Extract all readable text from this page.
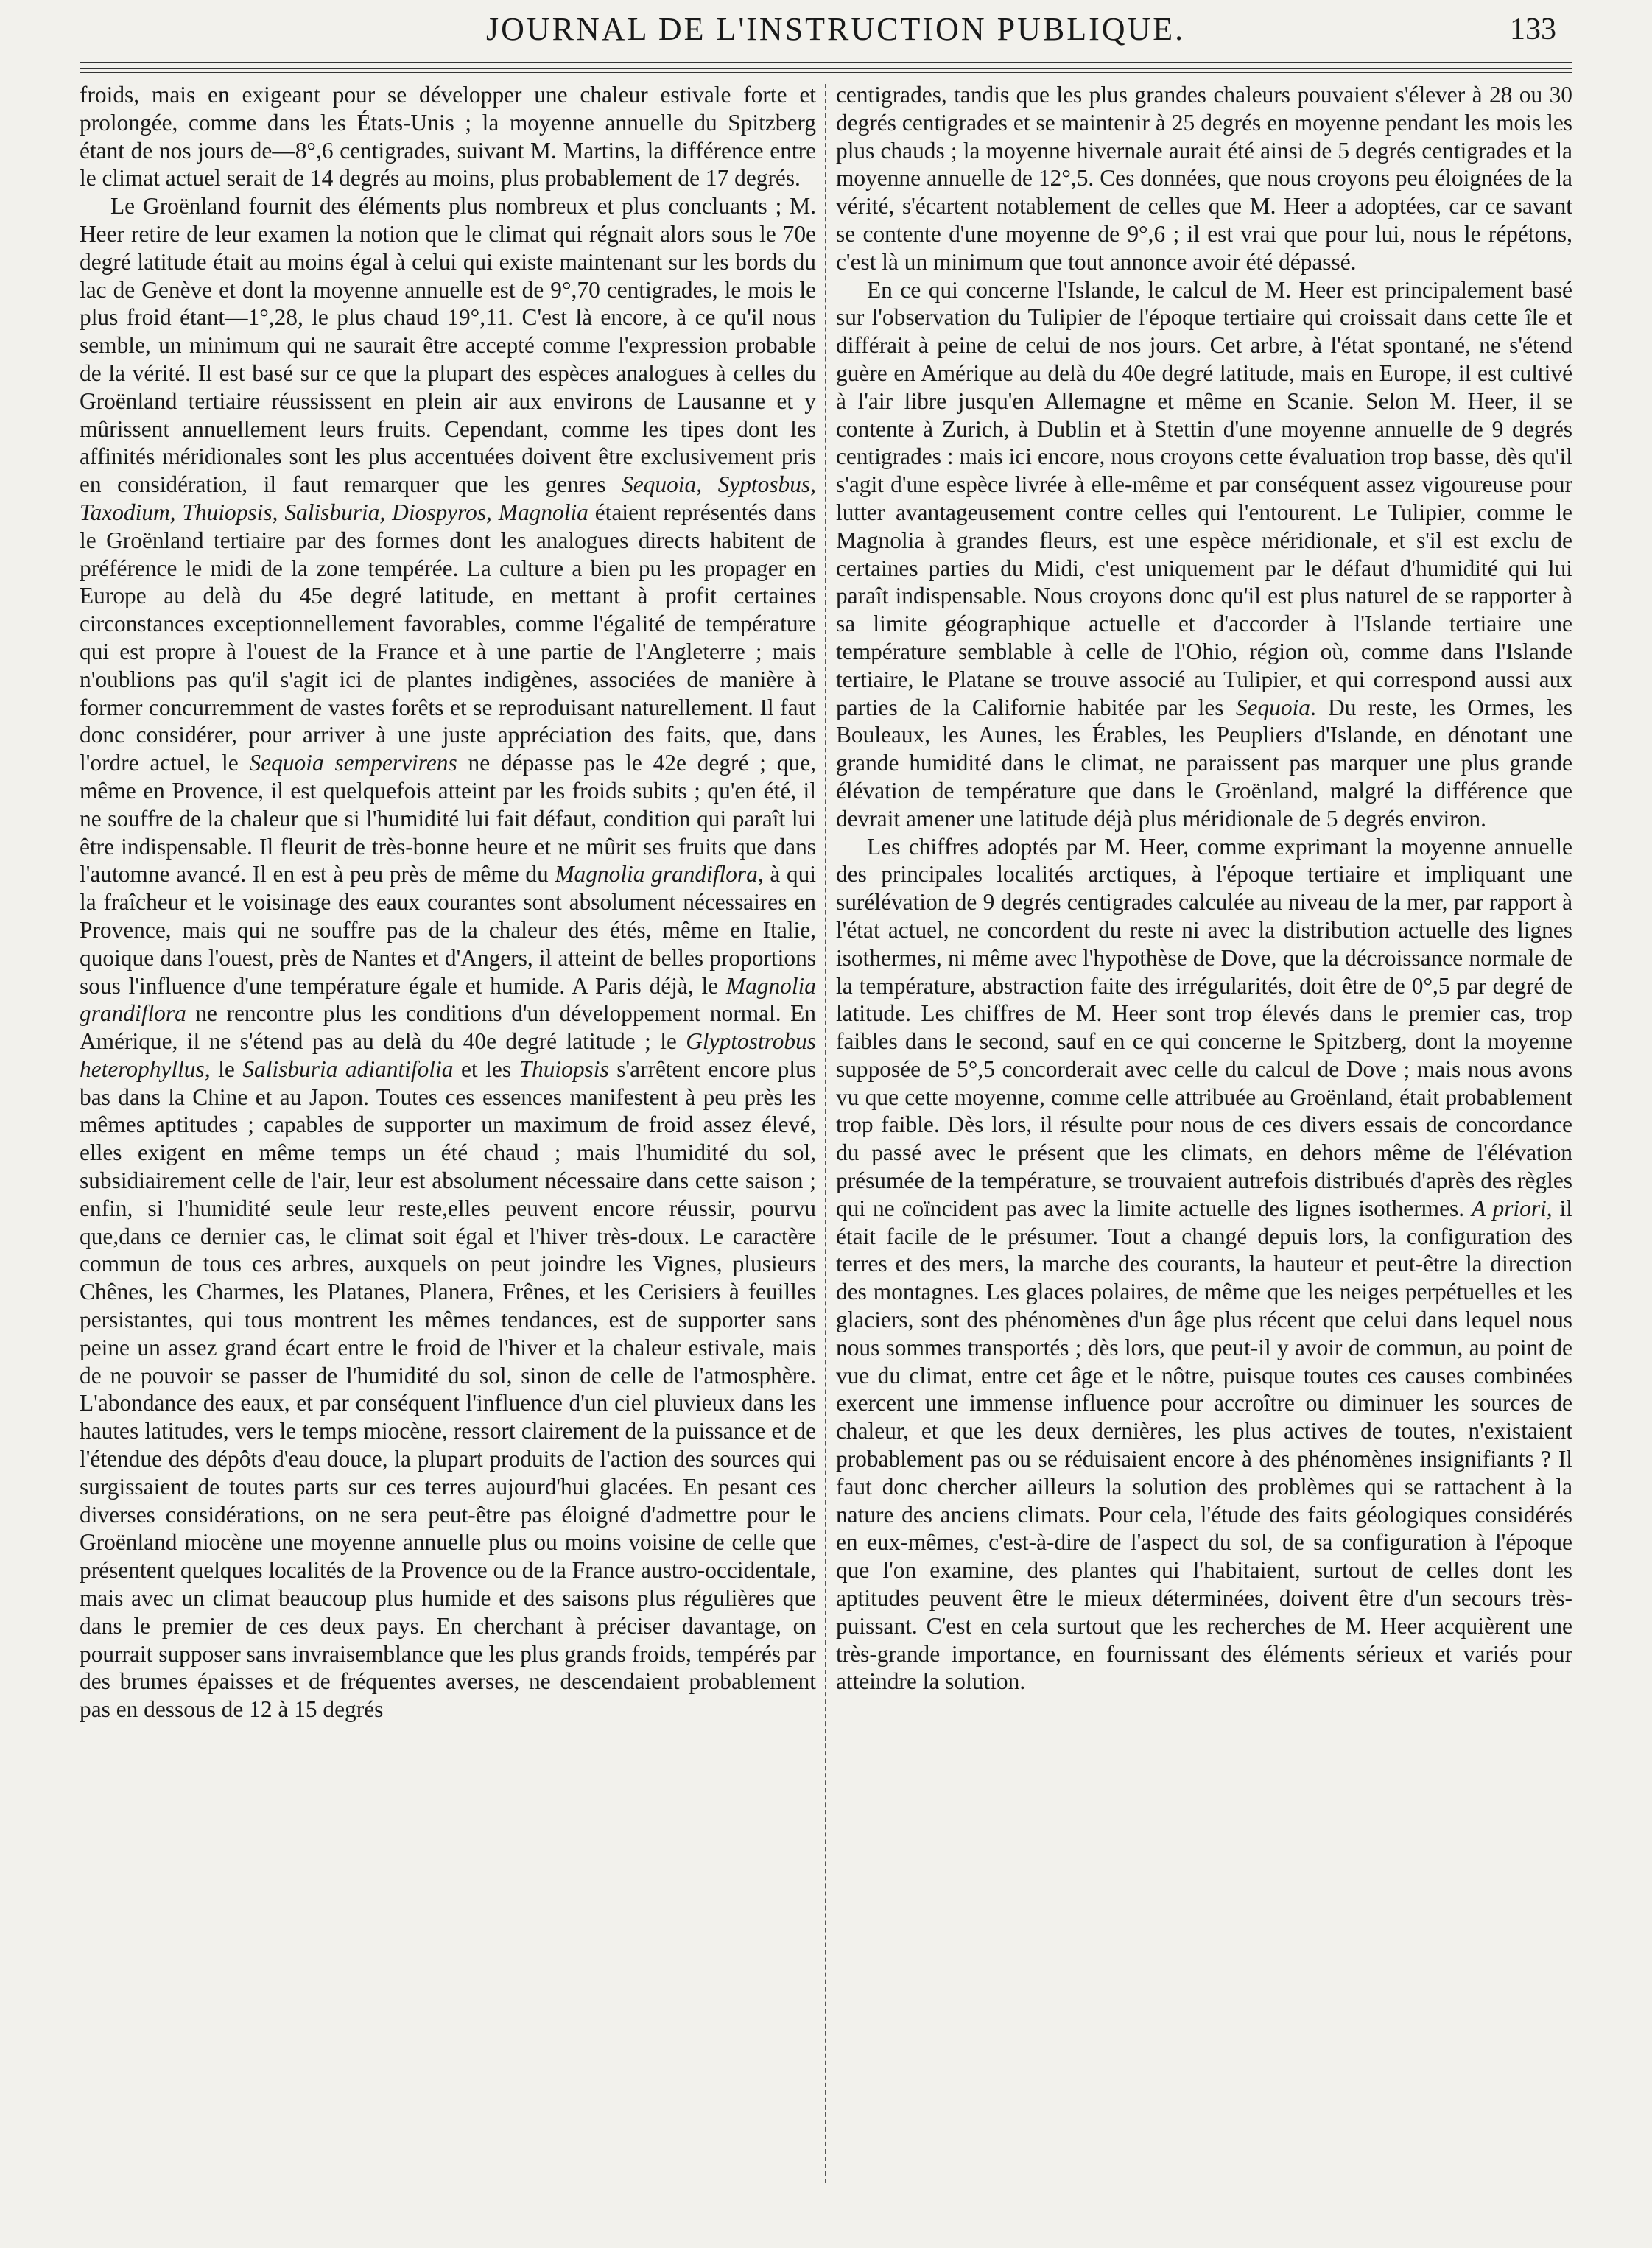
JOURNAL DE L'INSTRUCTION PUBLIQUE.	133

froids, mais en exigeant pour se développer une chaleur estivale forte et prolongée, comme dans les États-Unis ; la moyenne annuelle du Spitzberg étant de nos jours de—8°,6 centigrades, suivant M. Martins, la différence entre le climat actuel serait de 14 degrés au moins, plus probablement de 17 degrés.

Le Groënland fournit des éléments plus nombreux et plus concluants ; M. Heer retire de leur examen la notion que le climat qui régnait alors sous le 70e degré latitude était au moins égal à celui qui existe maintenant sur les bords du lac de Genève et dont la moyenne annuelle est de 9°,70 centigrades, le mois le plus froid étant—1°,28, le plus chaud 19°,11. C'est là encore, à ce qu'il nous semble, un minimum qui ne saurait être accepté comme l'expression probable de la vérité. Il est basé sur ce que la plupart des espèces analogues à celles du Groënland tertiaire réussissent en plein air aux environs de Lausanne et y mûrissent annuellement leurs fruits. Cependant, comme les tipes dont les affinités méridionales sont les plus accentuées doivent être exclusivement pris en considération, il faut remarquer que les genres Sequoia, Syptosbus, Taxodium, Thuiopsis, Salisburia, Diospyros, Magnolia étaient représentés dans le Groënland tertiaire par des formes dont les analogues directs habitent de préférence le midi de la zone tempérée. La culture a bien pu les propager en Europe au delà du 45e degré latitude, en mettant à profit certaines circonstances exceptionnellement favorables, comme l'égalité de température qui est propre à l'ouest de la France et à une partie de l'Angleterre ; mais n'oublions pas qu'il s'agit ici de plantes indigènes, associées de manière à former concurremment de vastes forêts et se reproduisant naturellement. Il faut donc considérer, pour arriver à une juste appréciation des faits, que, dans l'ordre actuel, le Sequoia sempervirens ne dépasse pas le 42e degré ; que, même en Provence, il est quelquefois atteint par les froids subits ; qu'en été, il ne souffre de la chaleur que si l'humidité lui fait défaut, condition qui paraît lui être indispensable. Il fleurit de très-bonne heure et ne mûrit ses fruits que dans l'automne avancé. Il en est à peu près de même du Magnolia grandiflora, à qui la fraîcheur et le voisinage des eaux courantes sont absolument nécessaires en Provence, mais qui ne souffre pas de la chaleur des étés, même en Italie, quoique dans l'ouest, près de Nantes et d'Angers, il atteint de belles proportions sous l'influence d'une température égale et humide. A Paris déjà, le Magnolia grandiflora ne rencontre plus les conditions d'un développement normal. En Amérique, il ne s'étend pas au delà du 40e degré latitude ; le Glyptostrobus heterophyllus, le Salisburia adiantifolia et les Thuiopsis s'arrêtent encore plus bas dans la Chine et au Japon. Toutes ces essences manifestent à peu près les mêmes aptitudes ; capables de supporter un maximum de froid assez élevé, elles exigent en même temps un été chaud ; mais l'humidité du sol, subsidiairement celle de l'air, leur est absolument nécessaire dans cette saison ; enfin, si l'humidité seule leur reste,elles peuvent encore réussir, pourvu que,dans ce dernier cas, le climat soit égal et l'hiver très-doux. Le caractère commun de tous ces arbres, auxquels on peut joindre les Vignes, plusieurs Chênes, les Charmes, les Platanes, Planera, Frênes, et les Cerisiers à feuilles persistantes, qui tous montrent les mêmes tendances, est de supporter sans peine un assez grand écart entre le froid de l'hiver et la chaleur estivale, mais de ne pouvoir se passer de l'humidité du sol, sinon de celle de l'atmosphère. L'abondance des eaux, et par conséquent l'influence d'un ciel pluvieux dans les hautes latitudes, vers le temps miocène, ressort clairement de la puissance et de l'étendue des dépôts d'eau douce, la plupart produits de l'action des sources qui surgissaient de toutes parts sur ces terres aujourd'hui glacées. En pesant ces diverses considérations, on ne sera peut-être pas éloigné d'admettre pour le Groënland miocène une moyenne annuelle plus ou moins voisine de celle que présentent quelques localités de la Provence ou de la France austro-occidentale, mais avec un climat beaucoup plus humide et des saisons plus régulières que dans le premier de ces deux pays. En cherchant à préciser davantage, on pourrait supposer sans invraisemblance que les plus grands froids, tempérés par des brumes épaisses et de fréquentes averses, ne descendaient probablement pas en dessous de 12 à 15 degrés

centigrades, tandis que les plus grandes chaleurs pouvaient s'élever à 28 ou 30 degrés centigrades et se maintenir à 25 degrés en moyenne pendant les mois les plus chauds ; la moyenne hivernale aurait été ainsi de 5 degrés centigrades et la moyenne annuelle de 12°,5. Ces données, que nous croyons peu éloignées de la vérité, s'écartent notablement de celles que M. Heer a adoptées, car ce savant se contente d'une moyenne de 9°,6 ; il est vrai que pour lui, nous le répétons, c'est là un minimum que tout annonce avoir été dépassé.

En ce qui concerne l'Islande, le calcul de M. Heer est principalement basé sur l'observation du Tulipier de l'époque tertiaire qui croissait dans cette île et différait à peine de celui de nos jours. Cet arbre, à l'état spontané, ne s'étend guère en Amérique au delà du 40e degré latitude, mais en Europe, il est cultivé à l'air libre jusqu'en Allemagne et même en Scanie. Selon M. Heer, il se contente à Zurich, à Dublin et à Stettin d'une moyenne annuelle de 9 degrés centigrades : mais ici encore, nous croyons cette évaluation trop basse, dès qu'il s'agit d'une espèce livrée à elle-même et par conséquent assez vigoureuse pour lutter avantageusement contre celles qui l'entourent. Le Tulipier, comme le Magnolia à grandes fleurs, est une espèce méridionale, et s'il est exclu de certaines parties du Midi, c'est uniquement par le défaut d'humidité qui lui paraît indispensable. Nous croyons donc qu'il est plus naturel de se rapporter à sa limite géographique actuelle et d'accorder à l'Islande tertiaire une température semblable à celle de l'Ohio, région où, comme dans l'Islande tertiaire, le Platane se trouve associé au Tulipier, et qui correspond aussi aux parties de la Californie habitée par les Sequoia. Du reste, les Ormes, les Bouleaux, les Aunes, les Érables, les Peupliers d'Islande, en dénotant une grande humidité dans le climat, ne paraissent pas marquer une plus grande élévation de température que dans le Groënland, malgré la différence que devrait amener une latitude déjà plus méridionale de 5 degrés environ.

Les chiffres adoptés par M. Heer, comme exprimant la moyenne annuelle des principales localités arctiques, à l'époque tertiaire et impliquant une surélévation de 9 degrés centigrades calculée au niveau de la mer, par rapport à l'état actuel, ne concordent du reste ni avec la distribution actuelle des lignes isothermes, ni même avec l'hypothèse de Dove, que la décroissance normale de la température, abstraction faite des irrégularités, doit être de 0°,5 par degré de latitude. Les chiffres de M. Heer sont trop élevés dans le premier cas, trop faibles dans le second, sauf en ce qui concerne le Spitzberg, dont la moyenne supposée de 5°,5 concorderait avec celle du calcul de Dove ; mais nous avons vu que cette moyenne, comme celle attribuée au Groënland, était probablement trop faible. Dès lors, il résulte pour nous de ces divers essais de concordance du passé avec le présent que les climats, en dehors même de l'élévation présumée de la température, se trouvaient autrefois distribués d'après des règles qui ne coïncident pas avec la limite actuelle des lignes isothermes. A priori, il était facile de le présumer. Tout a changé depuis lors, la configuration des terres et des mers, la marche des courants, la hauteur et peut-être la direction des montagnes. Les glaces polaires, de même que les neiges perpétuelles et les glaciers, sont des phénomènes d'un âge plus récent que celui dans lequel nous nous sommes transportés ; dès lors, que peut-il y avoir de commun, au point de vue du climat, entre cet âge et le nôtre, puisque toutes ces causes combinées exercent une immense influence pour accroître ou diminuer les sources de chaleur, et que les deux dernières, les plus actives de toutes, n'existaient probablement pas ou se réduisaient encore à des phénomènes insignifiants ? Il faut donc chercher ailleurs la solution des problèmes qui se rattachent à la nature des anciens climats. Pour cela, l'étude des faits géologiques considérés en eux-mêmes, c'est-à-dire de l'aspect du sol, de sa configuration à l'époque que l'on examine, des plantes qui l'habitaient, surtout de celles dont les aptitudes peuvent être le mieux déterminées, doivent être d'un secours très-puissant. C'est en cela surtout que les recherches de M. Heer acquièrent une très-grande importance, en fournissant des éléments sérieux et variés pour atteindre la solution.
